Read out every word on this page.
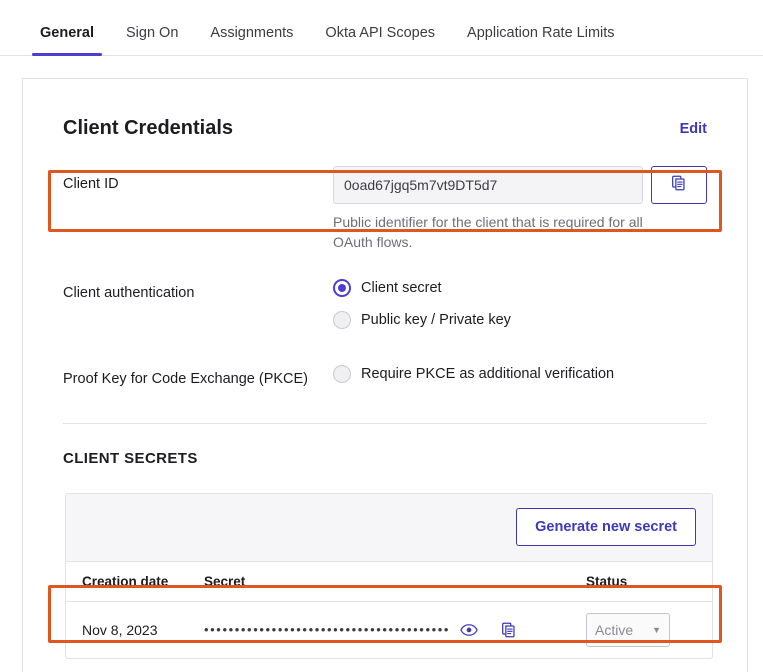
General	Sign On	Assignments	Okta API Scopes	Application Rate Limits
Client Credentials	Edit
Client ID
0oad67jgq5m7vt9DT5d7
Public identifier for the client that is required for all OAuth flows.
Client authentication	Client secret
Public key / Private key
Proof Key for Code Exchange (PKCE)	Require PKCE as additional verification
CLIENT SECRETS
Generate new secret
Creation date	Secret	Status
Nov 8, 2023	••••••••••••••••••••••••••••••••••••••••	Active ▼
